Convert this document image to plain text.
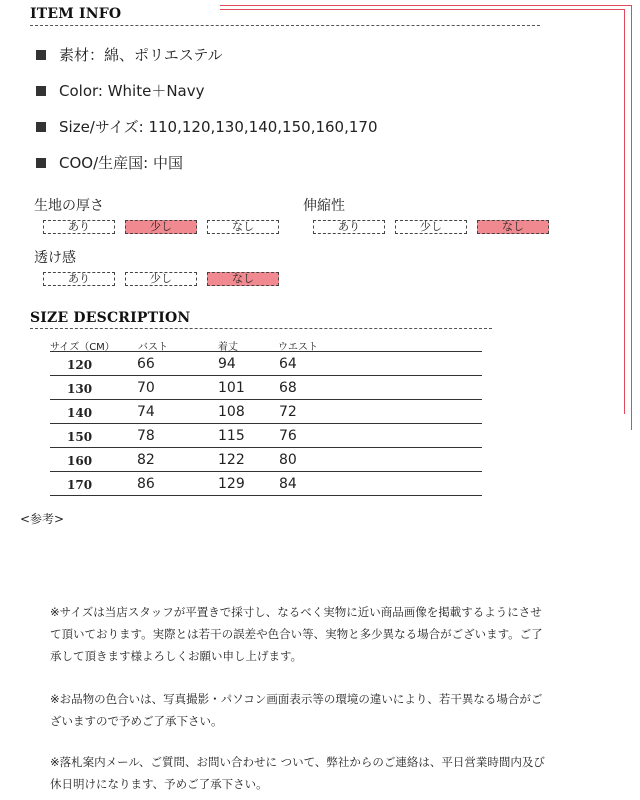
ITEM INFO
素材：綿、ポリエステル
Color: White＋Navy
Size/サイズ: 110,120,130,140,150,160,170
COO/生産国: 中国
生地の厚さ
あり	少し	なし
伸縮性
あり	少し	なし
透け感
あり	少し	なし
SIZE DESCRIPTION
サイズ（CM） バスト	着丈	ウエスト
120	66	94	64
130	70	101 68
140	74	108 72
150	78	115 76
160	82	122 80
170	86	129 84
<参考>
※サイズは当店スタッフが平置きで採寸し、なるべく実物に近い商品画像を掲載するようにさせて頂いております。実際とは若干の誤差や色合い等、実物と多少異なる場合がございます。ご了承して頂きます様よろしくお願い申し上げます。
※お品物の色合いは、写真撮影・パソコン画面表示等の環境の違いにより、若干異なる場合がございますので予めご了承下さい。
※落札案内メール、ご質問、お問い合わせに ついて、弊社からのご連絡は、平日営業時間内及び休日明けになります、予めご了承下さい。
